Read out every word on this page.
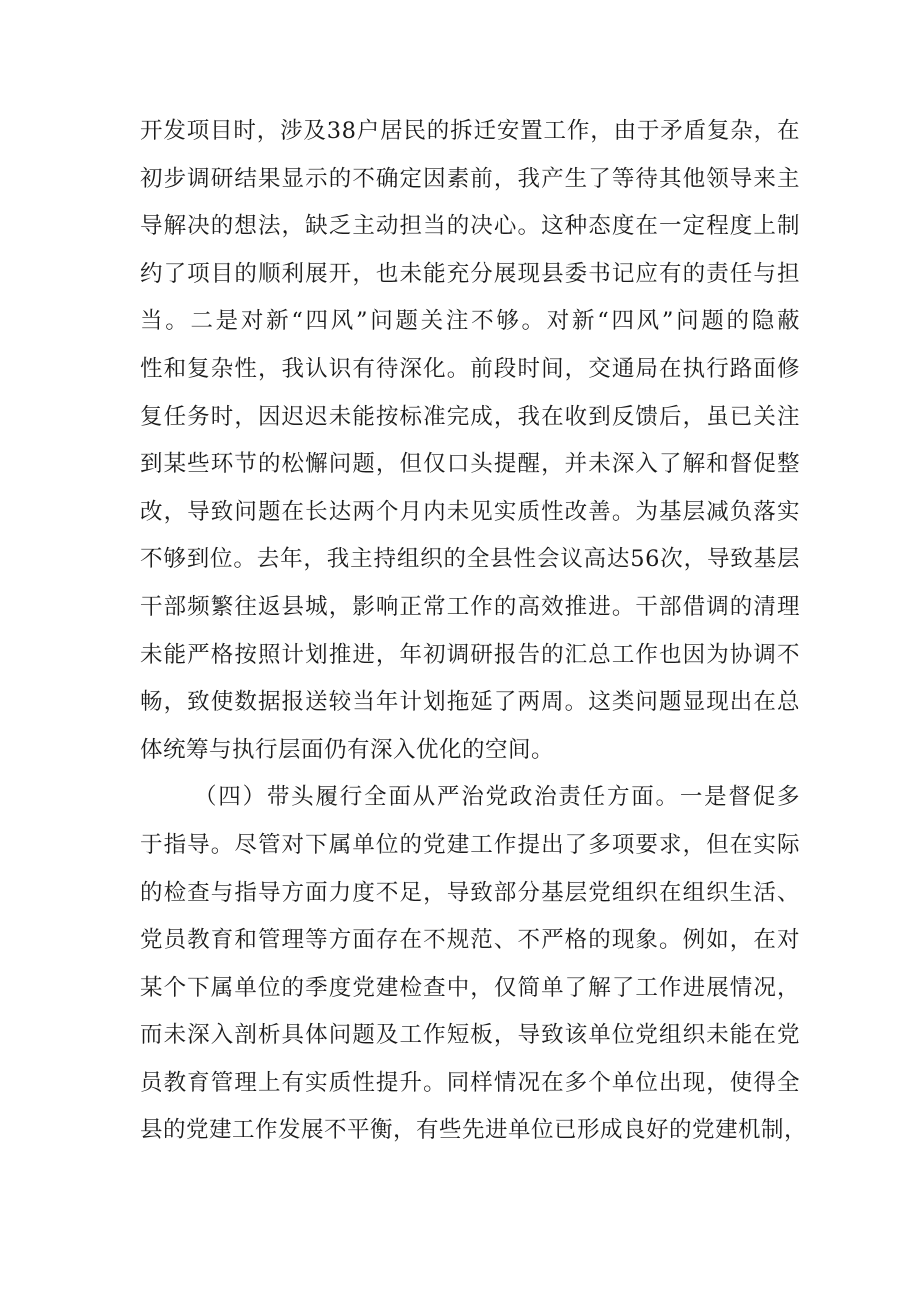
开发项目时，涉及38户居民的拆迁安置工作，由于矛盾复杂，在
初步调研结果显示的不确定因素前，我产生了等待其他领导来主
导解决的想法，缺乏主动担当的决心。这种态度在一定程度上制
约了项目的顺利展开，也未能充分展现县委书记应有的责任与担
当。二是对新“四风”问题关注不够。对新“四风”问题的隐蔽
性和复杂性，我认识有待深化。前段时间，交通局在执行路面修
复任务时，因迟迟未能按标准完成，我在收到反馈后，虽已关注
到某些环节的松懈问题，但仅口头提醒，并未深入了解和督促整
改，导致问题在长达两个月内未见实质性改善。为基层减负落实
不够到位。去年，我主持组织的全县性会议高达56次，导致基层
干部频繁往返县城，影响正常工作的高效推进。干部借调的清理
未能严格按照计划推进，年初调研报告的汇总工作也因为协调不
畅，致使数据报送较当年计划拖延了两周。这类问题显现出在总
体统筹与执行层面仍有深入优化的空间。
（四）带头履行全面从严治党政治责任方面。一是督促多
于指导。尽管对下属单位的党建工作提出了多项要求，但在实际
的检查与指导方面力度不足，导致部分基层党组织在组织生活、
党员教育和管理等方面存在不规范、不严格的现象。例如，在对
某个下属单位的季度党建检查中，仅简单了解了工作进展情况，
而未深入剖析具体问题及工作短板，导致该单位党组织未能在党
员教育管理上有实质性提升。同样情况在多个单位出现，使得全
县的党建工作发展不平衡，有些先进单位已形成良好的党建机制，
